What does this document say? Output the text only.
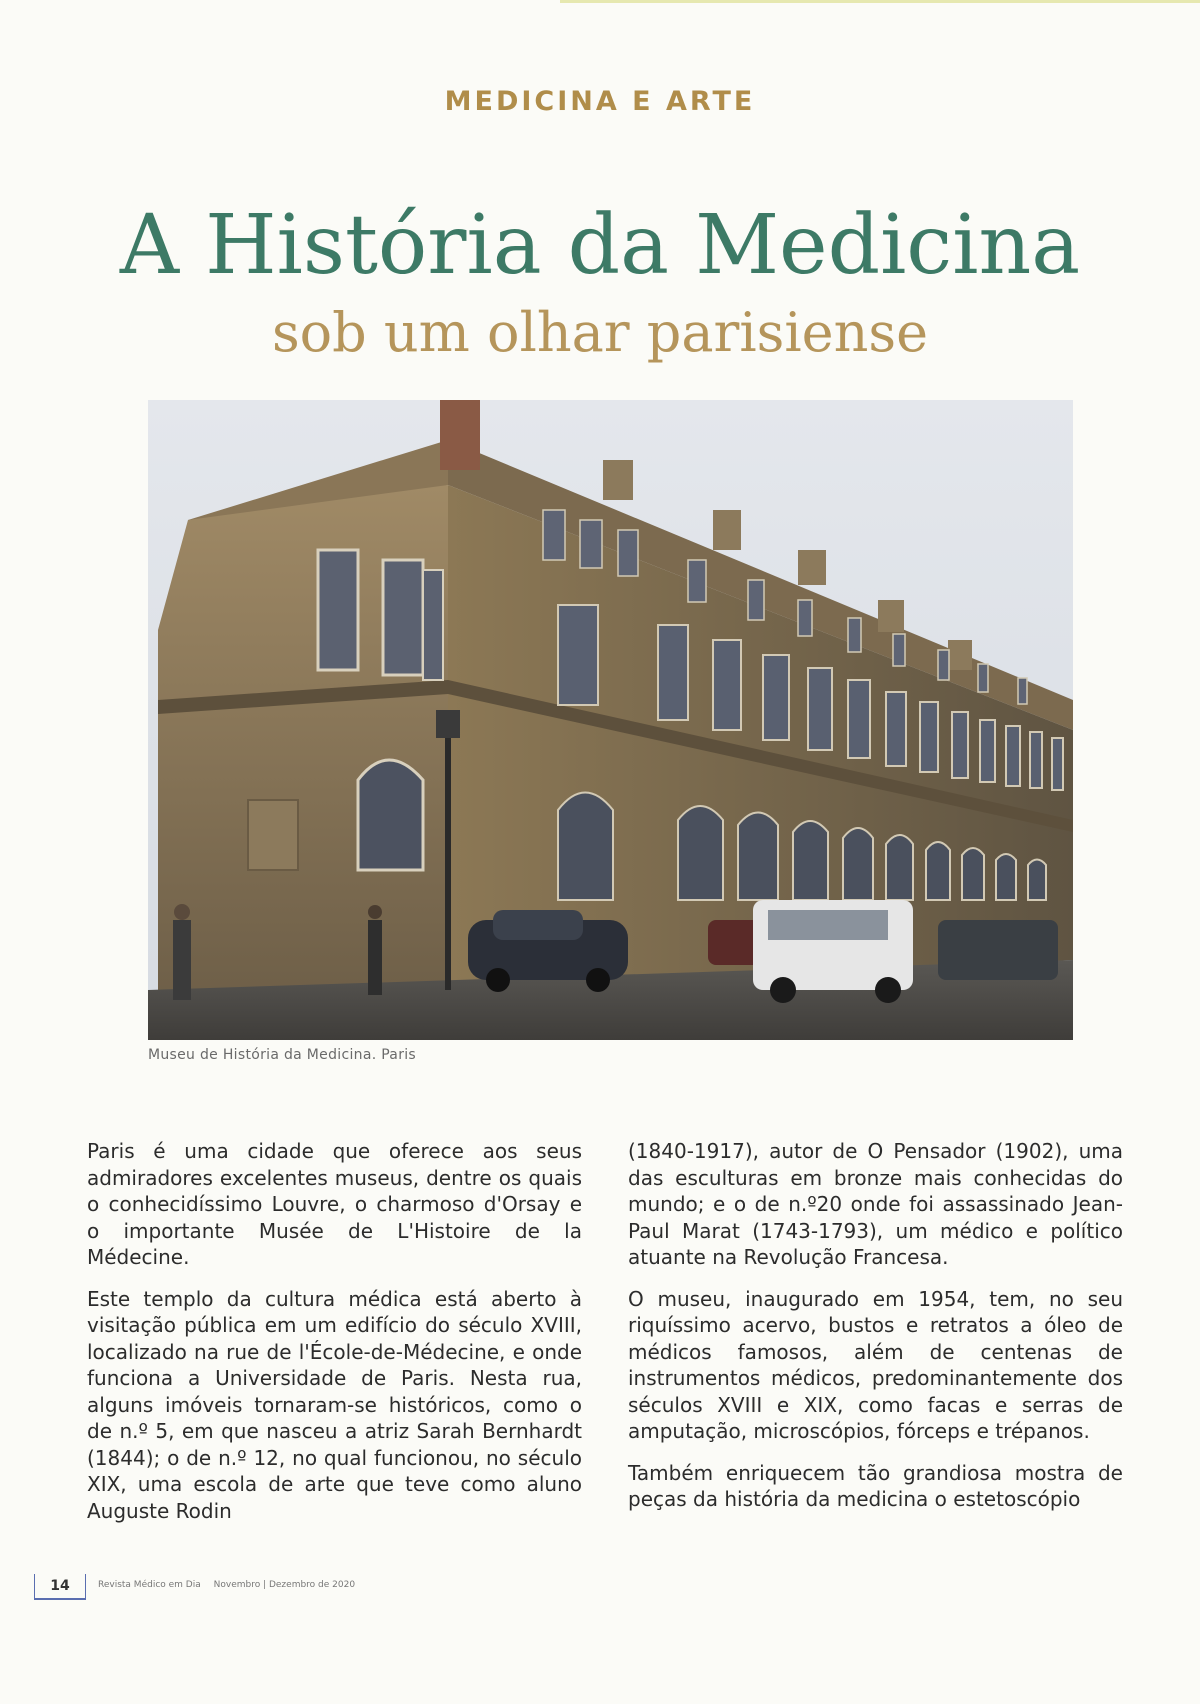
MEDICINA E ARTE
A História da Medicina
sob um olhar parisiense
Museu de História da Medicina. Paris

Paris é uma cidade que oferece aos seus admiradores excelentes museus, dentre os quais o conhecidíssimo Louvre, o charmoso d'Orsay e o importante Musée de L'Histoire de la Médecine.

Este templo da cultura médica está aberto à visitação pública em um edifício do século XVIII, localizado na rue de l'École-de-Médecine, e onde funciona a Universidade de Paris. Nesta rua, alguns imóveis tornaram-se históricos, como o de n.º 5, em que nasceu a atriz Sarah Bernhardt (1844); o de n.º 12, no qual funcionou, no século XIX, uma escola de arte que teve como aluno Auguste Rodin

(1840-1917), autor de O Pensador (1902), uma das esculturas em bronze mais conhecidas do mundo; e o de n.º20 onde foi assassinado Jean-Paul Marat (1743-1793), um médico e político atuante na Revolução Francesa.

O museu, inaugurado em 1954, tem, no seu riquíssimo acervo, bustos e retratos a óleo de médicos famosos, além de centenas de instrumentos médicos, predominantemente dos séculos XVIII e XIX, como facas e serras de amputação, microscópios, fórceps e trépanos.

Também enriquecem tão grandiosa mostra de peças da história da medicina o estetoscópio

14	Revista Médico em Dia Novembro | Dezembro de 2020
